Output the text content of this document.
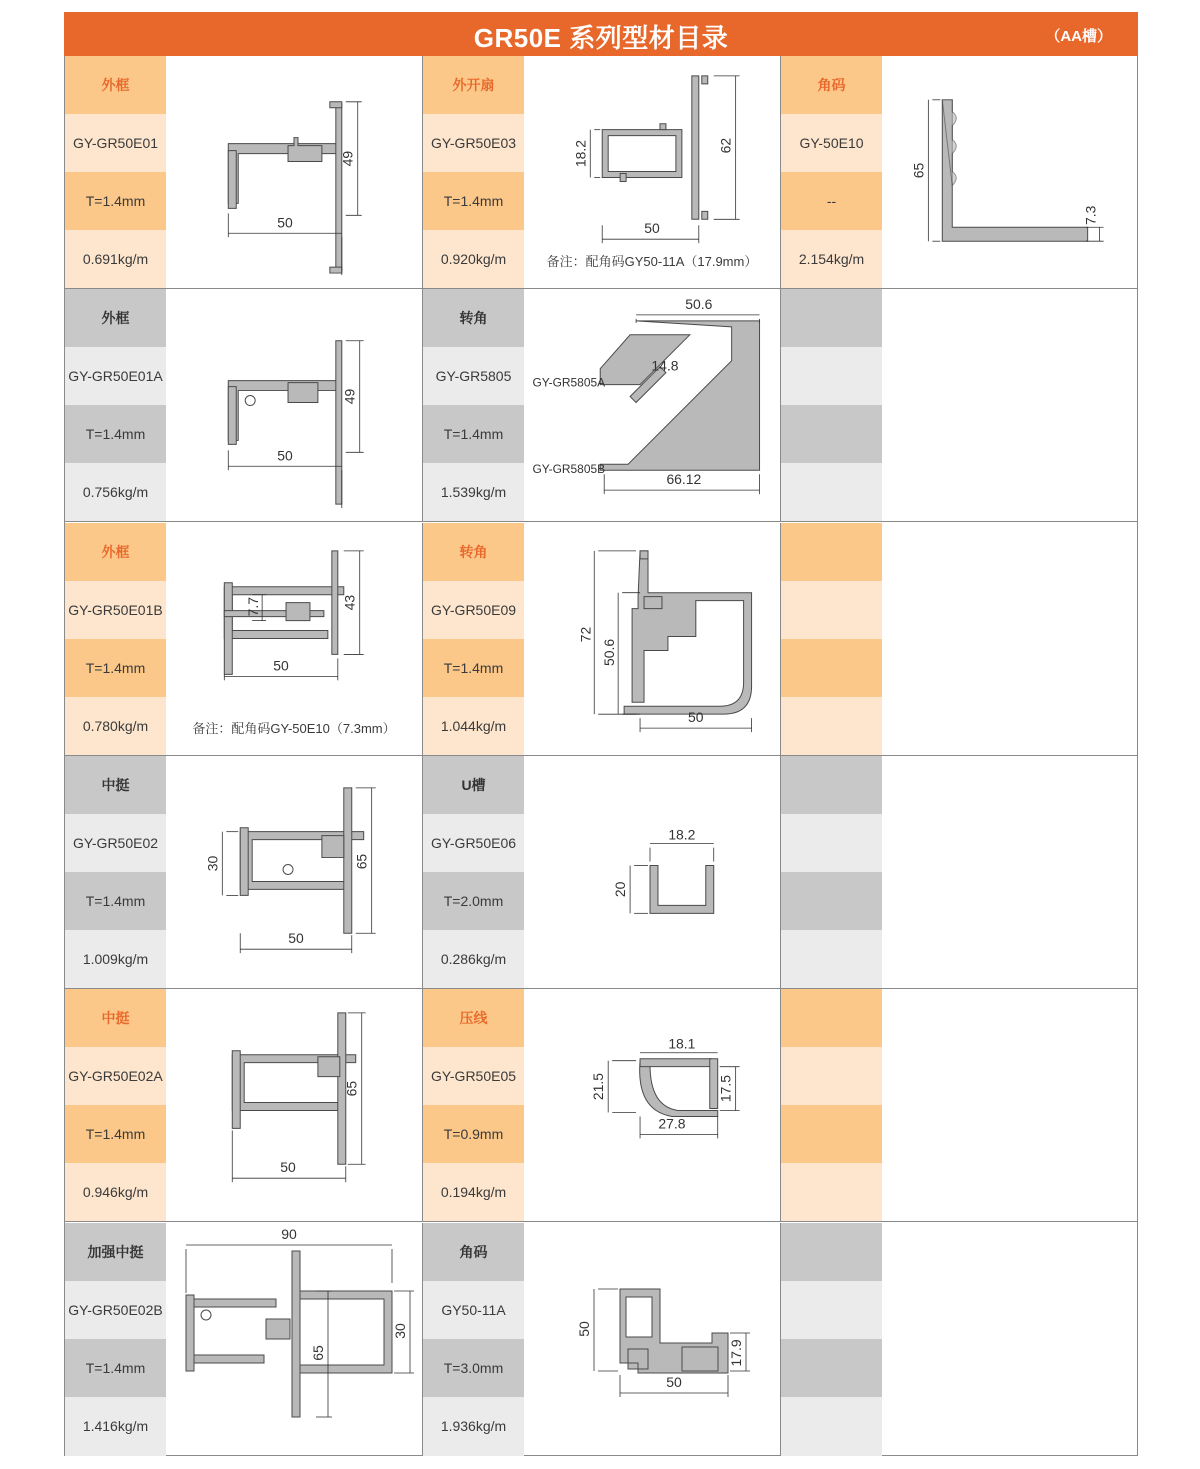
GR50E 系列型材目录	（AA槽）
外框
GY-GR50E01
T=1.4mm
0.691kg/m
50
49
外开扇
GY-GR50E03
T=1.4mm
0.920kg/m
18.2	62
50
备注：配角码GY50-11A（17.9mm）
角码
GY-50E10
--
2.154kg/m
65
7.3
外框
GY-GR50E01A
T=1.4mm
0.756kg/m
50
49
转角
GY-GR5805
T=1.4mm
1.539kg/m
50.6
66.12
14.8
GY-GR5805A
GY-GR5805B
外框
GY-GR50E01B
T=1.4mm
0.780kg/m
7.7	43
50
备注：配角码GY-50E10（7.3mm）
转角
GY-GR50E09
T=1.4mm
1.044kg/m
72
50.6
50
中挺
GY-GR50E02
T=1.4mm
1.009kg/m
30	65
50
U槽
GY-GR50E06
T=2.0mm
0.286kg/m
18.2
20
中挺
GY-GR50E02A
T=1.4mm
0.946kg/m
65
50
压线
GY-GR50E05
T=0.9mm
0.194kg/m
18.1
21.5	17.5
27.8
加强中挺
GY-GR50E02B
T=1.4mm
1.416kg/m
90
65
30
角码
GY50-11A
T=3.0mm
1.936kg/m
50
17.9
50
